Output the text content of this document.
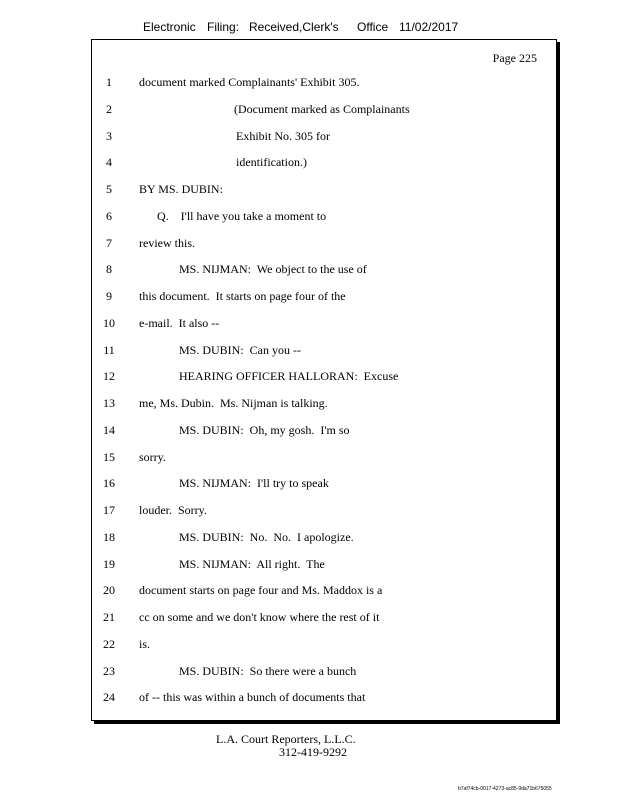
Electronic Filing: Received,Clerk's Office 11/02/2017
Page 225
1	document marked Complainants' Exhibit 305.
2	(Document marked as Complainants
3	Exhibit No. 305 for
4	identification.)
5	BY MS. DUBIN:
6	Q.    I'll have you take a moment to
7	review this.
8	MS. NIJMAN:  We object to the use of
9	this document.  It starts on page four of the
10	e-mail.  It also --
11	MS. DUBIN:  Can you --
12	HEARING OFFICER HALLORAN:  Excuse
13	me, Ms. Dubin.  Ms. Nijman is talking.
14	MS. DUBIN:  Oh, my gosh.  I'm so
15	sorry.
16	MS. NIJMAN:  I'll try to speak
17	louder.  Sorry.
18	MS. DUBIN:  No.  No.  I apologize.
19	MS. NIJMAN:  All right.  The
20	document starts on page four and Ms. Maddox is a
21	cc on some and we don't know where the rest of it
22	is.
23	MS. DUBIN:  So there were a bunch
24	of -- this was within a bunch of documents that
L.A. Court Reporters, L.L.C.
312-419-9292
b7af74cb-0017-4273-ac85-9da71b675055
